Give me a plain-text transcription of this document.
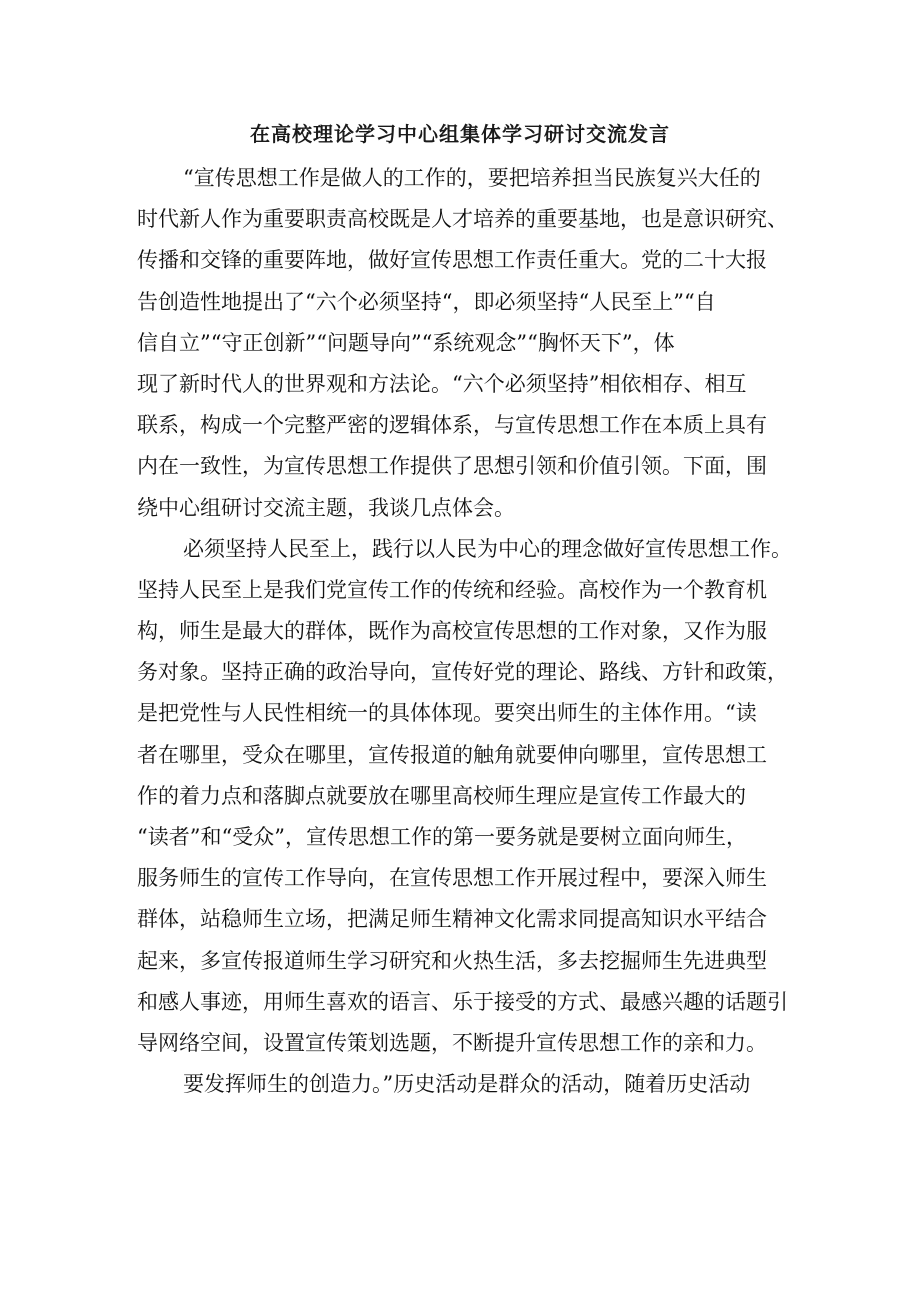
在高校理论学习中心组集体学习研讨交流发言
“宣传思想工作是做人的工作的，要把培养担当民族复兴大任的
时代新人作为重要职责高校既是人才培养的重要基地，也是意识研究、
传播和交锋的重要阵地，做好宣传思想工作责任重大。党的二十大报
告创造性地提出了“六个必须坚持“，即必须坚持“人民至上”“自
信自立”“守正创新”“问题导向”“系统观念”“胸怀天下”，体
现了新时代人的世界观和方法论。“六个必须坚持”相依相存、相互
联系，构成一个完整严密的逻辑体系，与宣传思想工作在本质上具有
内在一致性，为宣传思想工作提供了思想引领和价值引领。下面，围
绕中心组研讨交流主题，我谈几点体会。
必须坚持人民至上，践行以人民为中心的理念做好宣传思想工作。
坚持人民至上是我们党宣传工作的传统和经验。高校作为一个教育机
构，师生是最大的群体，既作为高校宣传思想的工作对象，又作为服
务对象。坚持正确的政治导向，宣传好党的理论、路线、方针和政策，
是把党性与人民性相统一的具体体现。要突出师生的主体作用。“读
者在哪里，受众在哪里，宣传报道的触角就要伸向哪里，宣传思想工
作的着力点和落脚点就要放在哪里高校师生理应是宣传工作最大的
“读者”和“受众”，宣传思想工作的第一要务就是要树立面向师生，
服务师生的宣传工作导向，在宣传思想工作开展过程中，要深入师生
群体，站稳师生立场，把满足师生精神文化需求同提高知识水平结合
起来，多宣传报道师生学习研究和火热生活，多去挖掘师生先进典型
和感人事迹，用师生喜欢的语言、乐于接受的方式、最感兴趣的话题引
导网络空间，设置宣传策划选题，不断提升宣传思想工作的亲和力。
要发挥师生的创造力。”历史活动是群众的活动，随着历史活动
